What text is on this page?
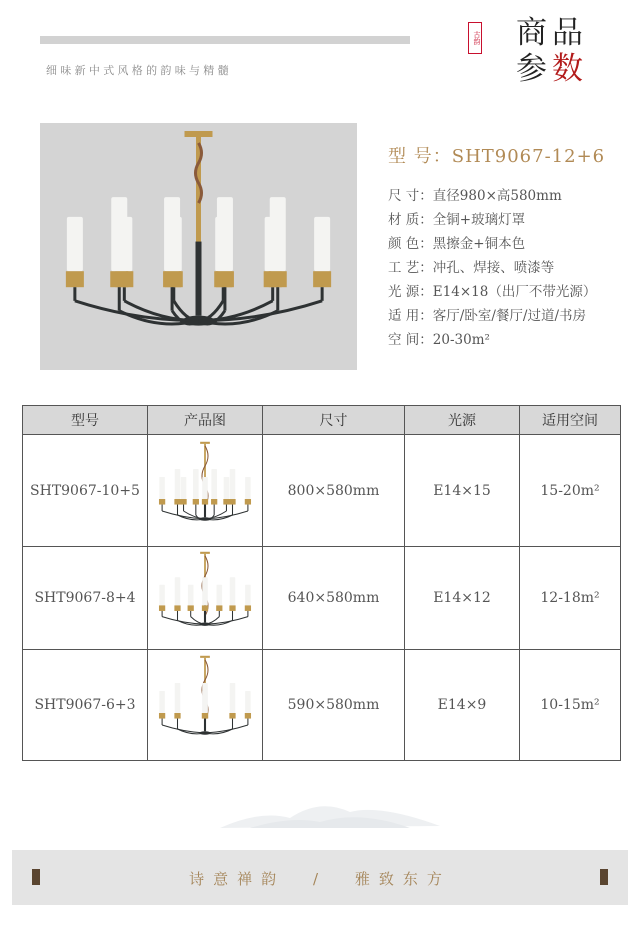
细味新中式风格的韵味与精髓
古韵 商 品
参 数
型 号：SHT9067-12+6
尺 寸：直径980×高580mm
材 质：全铜+玻璃灯罩
颜 色：黑擦金+铜本色
工 艺：冲孔、焊接、喷漆等
光 源：E14×18（出厂不带光源）
适 用：客厅/卧室/餐厅/过道/书房
空 间：20-30m²
型号	产品图	尺寸	光源	适用空间
SHT9067-10+5		800×580mm	E14×15	15-20m²
SHT9067-8+4		640×580mm	E14×12	12-18m²
SHT9067-6+3		590×580mm	E14×9	10-15m²
诗意禅韵 / 雅致东方
